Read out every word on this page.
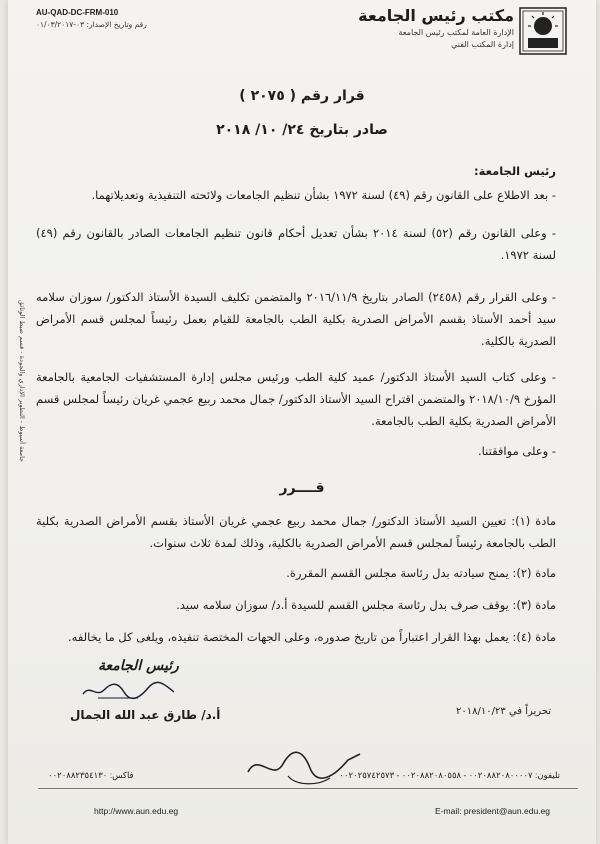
مكتب رئيس الجامعة
الإدارة العامة لمكتب رئيس الجامعة
إدارة المكتب الفني
AU-QAD-DC-FRM-010
رقم وتاريخ الإصدار: ٠٣-٠١/٠٣/٢٠١٧
قرار رقم ( ٢٠٧٥ )
صادر بتاريخ ٢٤/ ١٠/ ٢٠١٨
رئيس الجامعة:
- بعد الاطلاع على القانون رقم (٤٩) لسنة ١٩٧٢ بشأن تنظيم الجامعات ولائحته التنفيذية وتعديلاتهما.
- وعلى القانون رقم (٥٢) لسنة ٢٠١٤ بشأن تعديل أحكام قانون تنظيم الجامعات الصادر بالقانون رقم (٤٩) لسنة ١٩٧٢.
- وعلى القرار رقم (٢٤٥٨) الصادر بتاريخ ٢٠١٦/١١/٩ والمتضمن تكليف السيدة الأستاذ الدكتور/ سوزان سلامه سيد أحمد الأستاذ بقسم الأمراض الصدرية بكلية الطب بالجامعة للقيام بعمل رئيساً لمجلس قسم الأمراض الصدرية بالكلية.
- وعلى كتاب السيد الأستاذ الدكتور/ عميد كلية الطب ورئيس مجلس إدارة المستشفيات الجامعية بالجامعة المؤرخ ٢٠١٨/١٠/٩ والمتضمن اقتراح السيد الأستاذ الدكتور/ جمال محمد ربيع عجمي غريان رئيساً لمجلس قسم الأمراض الصدرية بكلية الطب بالجامعة.
- وعلى موافقتنا.
جامعة أسيوط - التطوير الإداري والجودة - قسم ضبط الوثائق
قــــرر
مادة (١): تعيين السيد الأستاذ الدكتور/ جمال محمد ربيع عجمي غريان الأستاذ بقسم الأمراض الصدرية بكلية الطب بالجامعة رئيساً لمجلس قسم الأمراض الصدرية بالكلية، وذلك لمدة ثلاث سنوات.
مادة (٢): يمنح سيادته بدل رئاسة مجلس القسم المقررة.
مادة (٣): يوقف صرف بدل رئاسة مجلس القسم للسيدة أ.د/ سوزان سلامه سيد.
مادة (٤): يعمل بهذا القرار اعتباراً من تاريخ صدوره، وعلى الجهات المختصة تنفيذه، ويلغى كل ما يخالفه.
رئيس الجامعة
أ.د/ طارق عبد الله الجمال	تحريراً في ٢٠١٨/١٠/٢٣
تليفون: ٠٠٢٠٨٨٢٠٨٠٠٠٠٧ - ٠٠٢٠٨٨٢٠٨٠٥٥٨ - ٠٠٢٠٢٥٧٤٢٥٧٣
فاكس: ٠٠٢٠٨٨٢٣٥٤١٣٠
http://www.aun.edu.eg	E-mail: president@aun.edu.eg
